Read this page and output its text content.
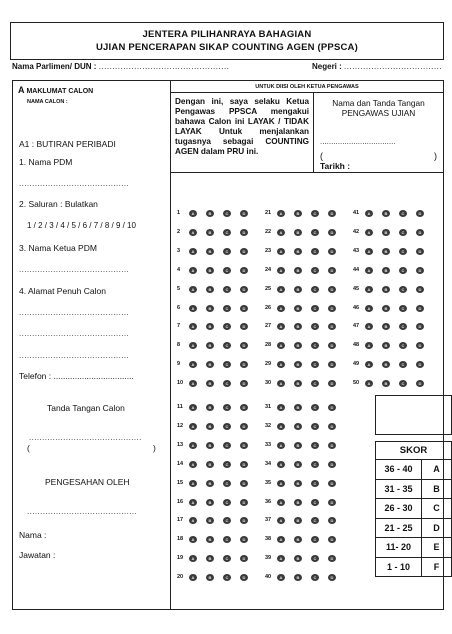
JENTERA PILIHANRAYA BAHAGIAN
UJIAN PENCERAPAN SIKAP COUNTING AGEN (PPSCA)
Nama Parlimen/ DUN : ................................................	Negeri : ....................................
A MAKLUMAT CALON
NAMA CALON :
A1 : BUTIRAN PERIBADI
1. Nama PDM
..........................................
2. Saluran : Bulatkan
1 / 2 / 3 / 4 / 5 / 6 / 7 / 8 / 9 / 10
3. Nama Ketua PDM
..........................................
4. Alamat Penuh Calon
..........................................
..........................................
..........................................
Telefon : ..................................
Tanda Tangan Calon
...........................................
(	)
PENGESAHAN OLEH
..........................................
Nama :
Jawatan :
UNTUK DIISI OLEH KETUA PENGAWAS
Dengan ini, saya selaku Ketua Pengawas PPSCA mengakui bahawa Calon ini LAYAK / TIDAK LAYAK Untuk menjalankan tugasnya sebagai COUNTING AGEN dalam PRU ini.
Nama dan Tanda Tangan PENGAWAS UJIAN
..................................
(	)
Tarikh :
1	A	B	C	D
2	A	B	C	D
3	A	B	C	D
4	A	B	C	D
5	A	B	C	D
6	A	B	C	D
7	A	B	C	D
8	A	B	C	D
9	A	B	C	D
10	A	B	C	D
11	A	B	C	D
12	A	B	C	D
13	A	B	C	D
14	A	B	C	D
15	A	B	C	D
16	A	B	C	D
17	A	B	C	D
18	A	B	C	D
19	A	B	C	D
20	A	B	C	D
21	A	B	C	D
22	A	B	C	D
23	A	B	C	D
24	A	B	C	D
25	A	B	C	D
26	A	B	C	D
27	A	B	C	D
28	A	B	C	D
29	A	B	C	D
30	A	B	C	D
31	A	B	C	D
32	A	B	C	D
33	A	B	C	D
34	A	B	C	D
35	A	B	C	D
36	A	B	C	D
37	A	B	C	D
38	A	B	C	D
39	A	B	C	D
40	A	B	C	D
41	A	B	C	D
42	A	B	C	D
43	A	B	C	D
44	A	B	C	D
45	A	B	C	D
46	A	B	C	D
47	A	B	C	D
48	A	B	C	D
49	A	B	C	D
50	A	B	C	D
SKOR	
36 - 40	A
31 - 35	B
26 - 30	C
21 - 25	D
11- 20	E
1 - 10	F
